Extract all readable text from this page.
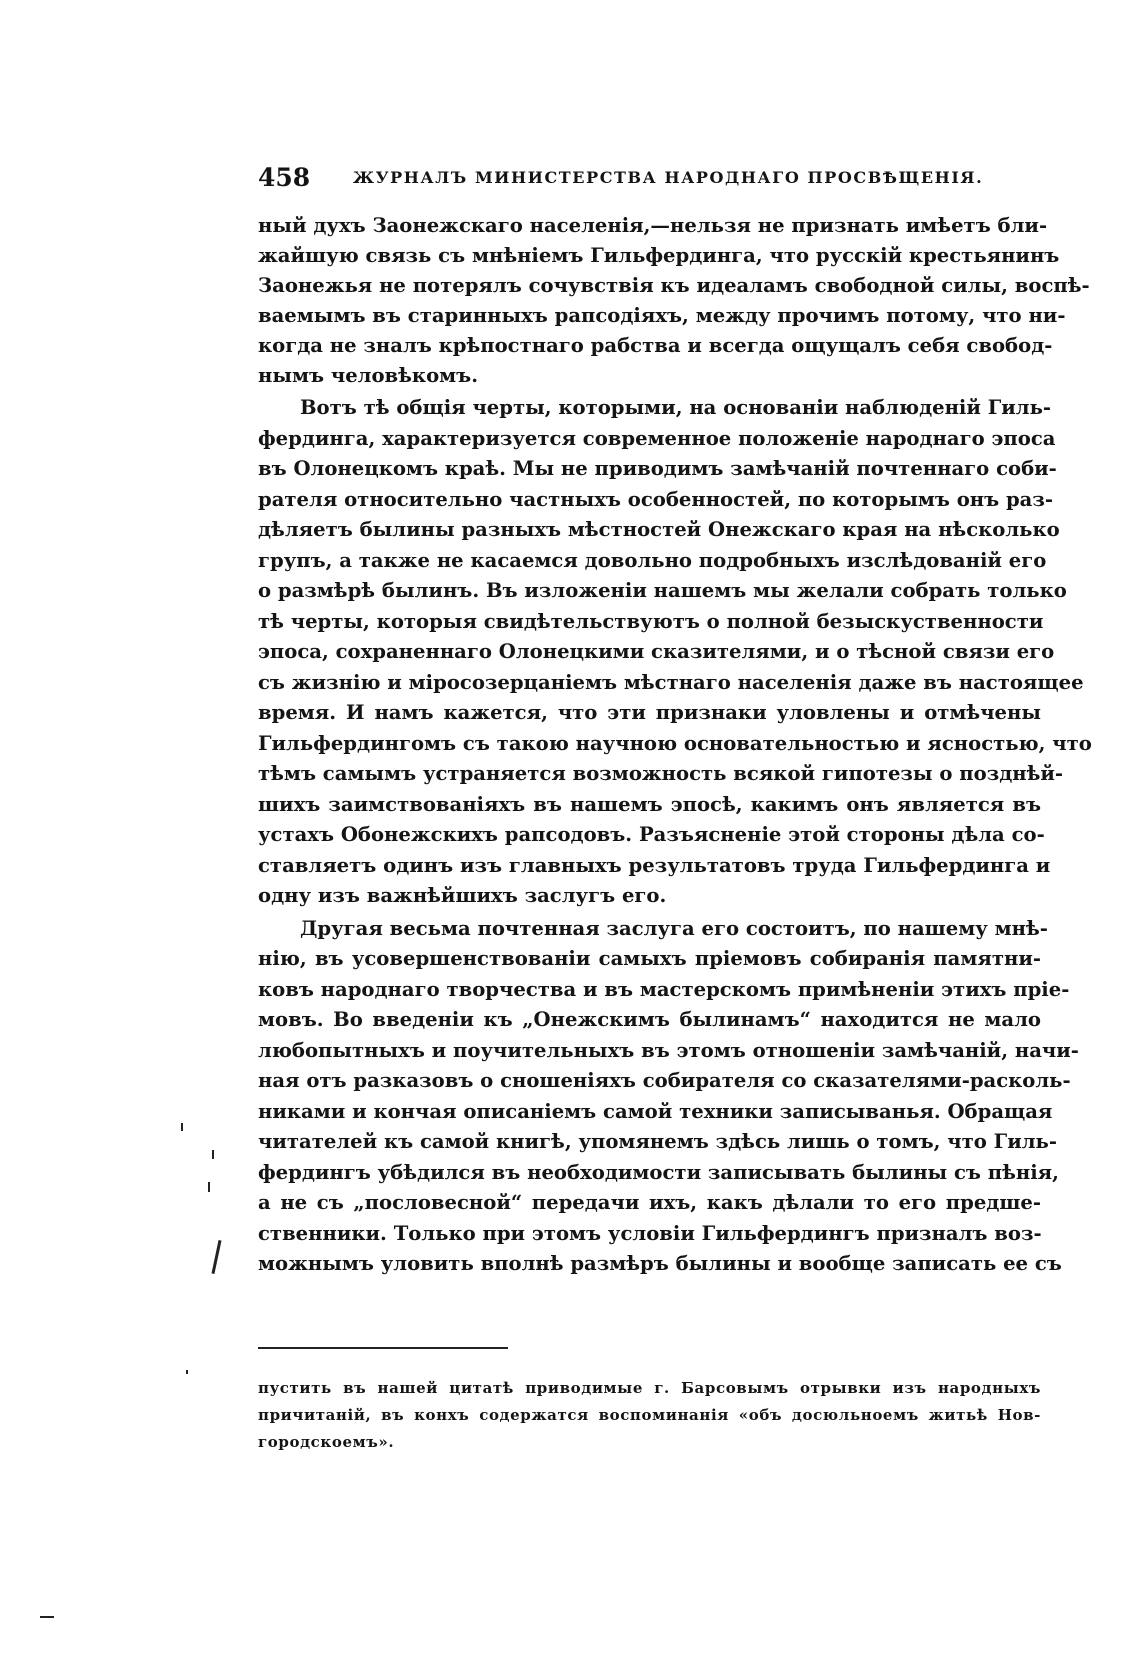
458	ЖУРНАЛЪ МИНИСТЕРСТВА НАРОДНАГО ПРОСВѢЩЕНІЯ.
ный духъ Заонежскаго населенія,—нельзя не признать имѣетъ бли-
жайшую связь съ мнѣніемъ Гильфердинга, что русскій крестьянинъ
Заонежья не потерялъ сочувствія къ идеаламъ свободной силы, воспѣ-
ваемымъ въ старинныхъ рапсодіяхъ, между прочимъ потому, что ни-
когда не зналъ крѣпостнаго рабства и всегда ощущалъ себя свобод-
нымъ человѣкомъ.
Вотъ тѣ общія черты, которыми, на основаніи наблюденій Гиль-
фердинга, характеризуется современное положеніе народнаго эпоса
въ Олонецкомъ краѣ. Мы не приводимъ замѣчаній почтеннаго соби-
рателя относительно частныхъ особенностей, по которымъ онъ раз-
дѣляетъ былины разныхъ мѣстностей Онежскаго края на нѣсколько
групъ, а также не касаемся довольно подробныхъ изслѣдованій его
о размѣрѣ былинъ. Въ изложеніи нашемъ мы желали собрать только
тѣ черты, которыя свидѣтельствуютъ о полной безыскуственности
эпоса, сохраненнаго Олонецкими сказителями, и о тѣсной связи его
съ жизнію и міросозерцаніемъ мѣстнаго населенія даже въ настоящее
время. И намъ кажется, что эти признаки уловлены и отмѣчены
Гильфердингомъ съ такою научною основательностью и ясностью, что
тѣмъ самымъ устраняется возможность всякой гипотезы о позднѣй-
шихъ заимствованіяхъ въ нашемъ эпосѣ, какимъ онъ является въ
устахъ Обонежскихъ рапсодовъ. Разъясненіе этой стороны дѣла со-
ставляетъ одинъ изъ главныхъ результатовъ труда Гильфердинга и
одну изъ важнѣйшихъ заслугъ его.
Другая весьма почтенная заслуга его состоитъ, по нашему мнѣ-
нію, въ усовершенствованіи самыхъ пріемовъ собиранія памятни-
ковъ народнаго творчества и въ мастерскомъ примѣненіи этихъ пріе-
мовъ. Во введеніи къ „Онежскимъ былинамъ“ находится не мало
любопытныхъ и поучительныхъ въ этомъ отношеніи замѣчаній, начи-
ная отъ разказовъ о сношеніяхъ собирателя со сказателями-расколь-
никами и кончая описаніемъ самой техники записыванья. Обращая
читателей къ самой книгѣ, упомянемъ здѣсь лишь о томъ, что Гиль-
фердингъ убѣдился въ необходимости записывать былины съ пѣнія,
а не съ „пословесной“ передачи ихъ, какъ дѣлали то его предше-
ственники. Только при этомъ условіи Гильфердингъ призналъ воз-
можнымъ уловить вполнѣ размѣръ былины и вообще записать ее съ
пустить въ нашей цитатѣ приводимые г. Барсовымъ отрывки изъ народныхъ
причитаній, въ конхъ содержатся воспоминанія «объ досюльноемъ житьѣ Нов-
городскоемъ».
